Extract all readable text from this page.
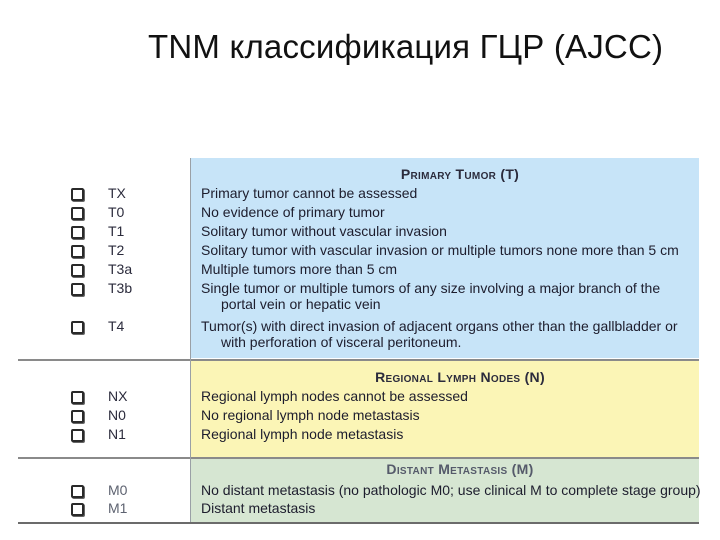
TNM классификация ГЦР (AJCC)
Primary Tumor (T)
TX	Primary tumor cannot be assessed
T0	No evidence of primary tumor
T1	Solitary tumor without vascular invasion
T2	Solitary tumor with vascular invasion or multiple tumors none more than 5 cm
T3a	Multiple tumors more than 5 cm
T3b	Single tumor or multiple tumors of any size involving a major branch of the
portal vein or hepatic vein
T4	Tumor(s) with direct invasion of adjacent organs other than the gallbladder or
with perforation of visceral peritoneum.
Regional Lymph Nodes (N)
NX	Regional lymph nodes cannot be assessed
N0	No regional lymph node metastasis
N1	Regional lymph node metastasis
Distant Metastasis (M)
M0	No distant metastasis (no pathologic M0; use clinical M to complete stage group)
M1	Distant metastasis
